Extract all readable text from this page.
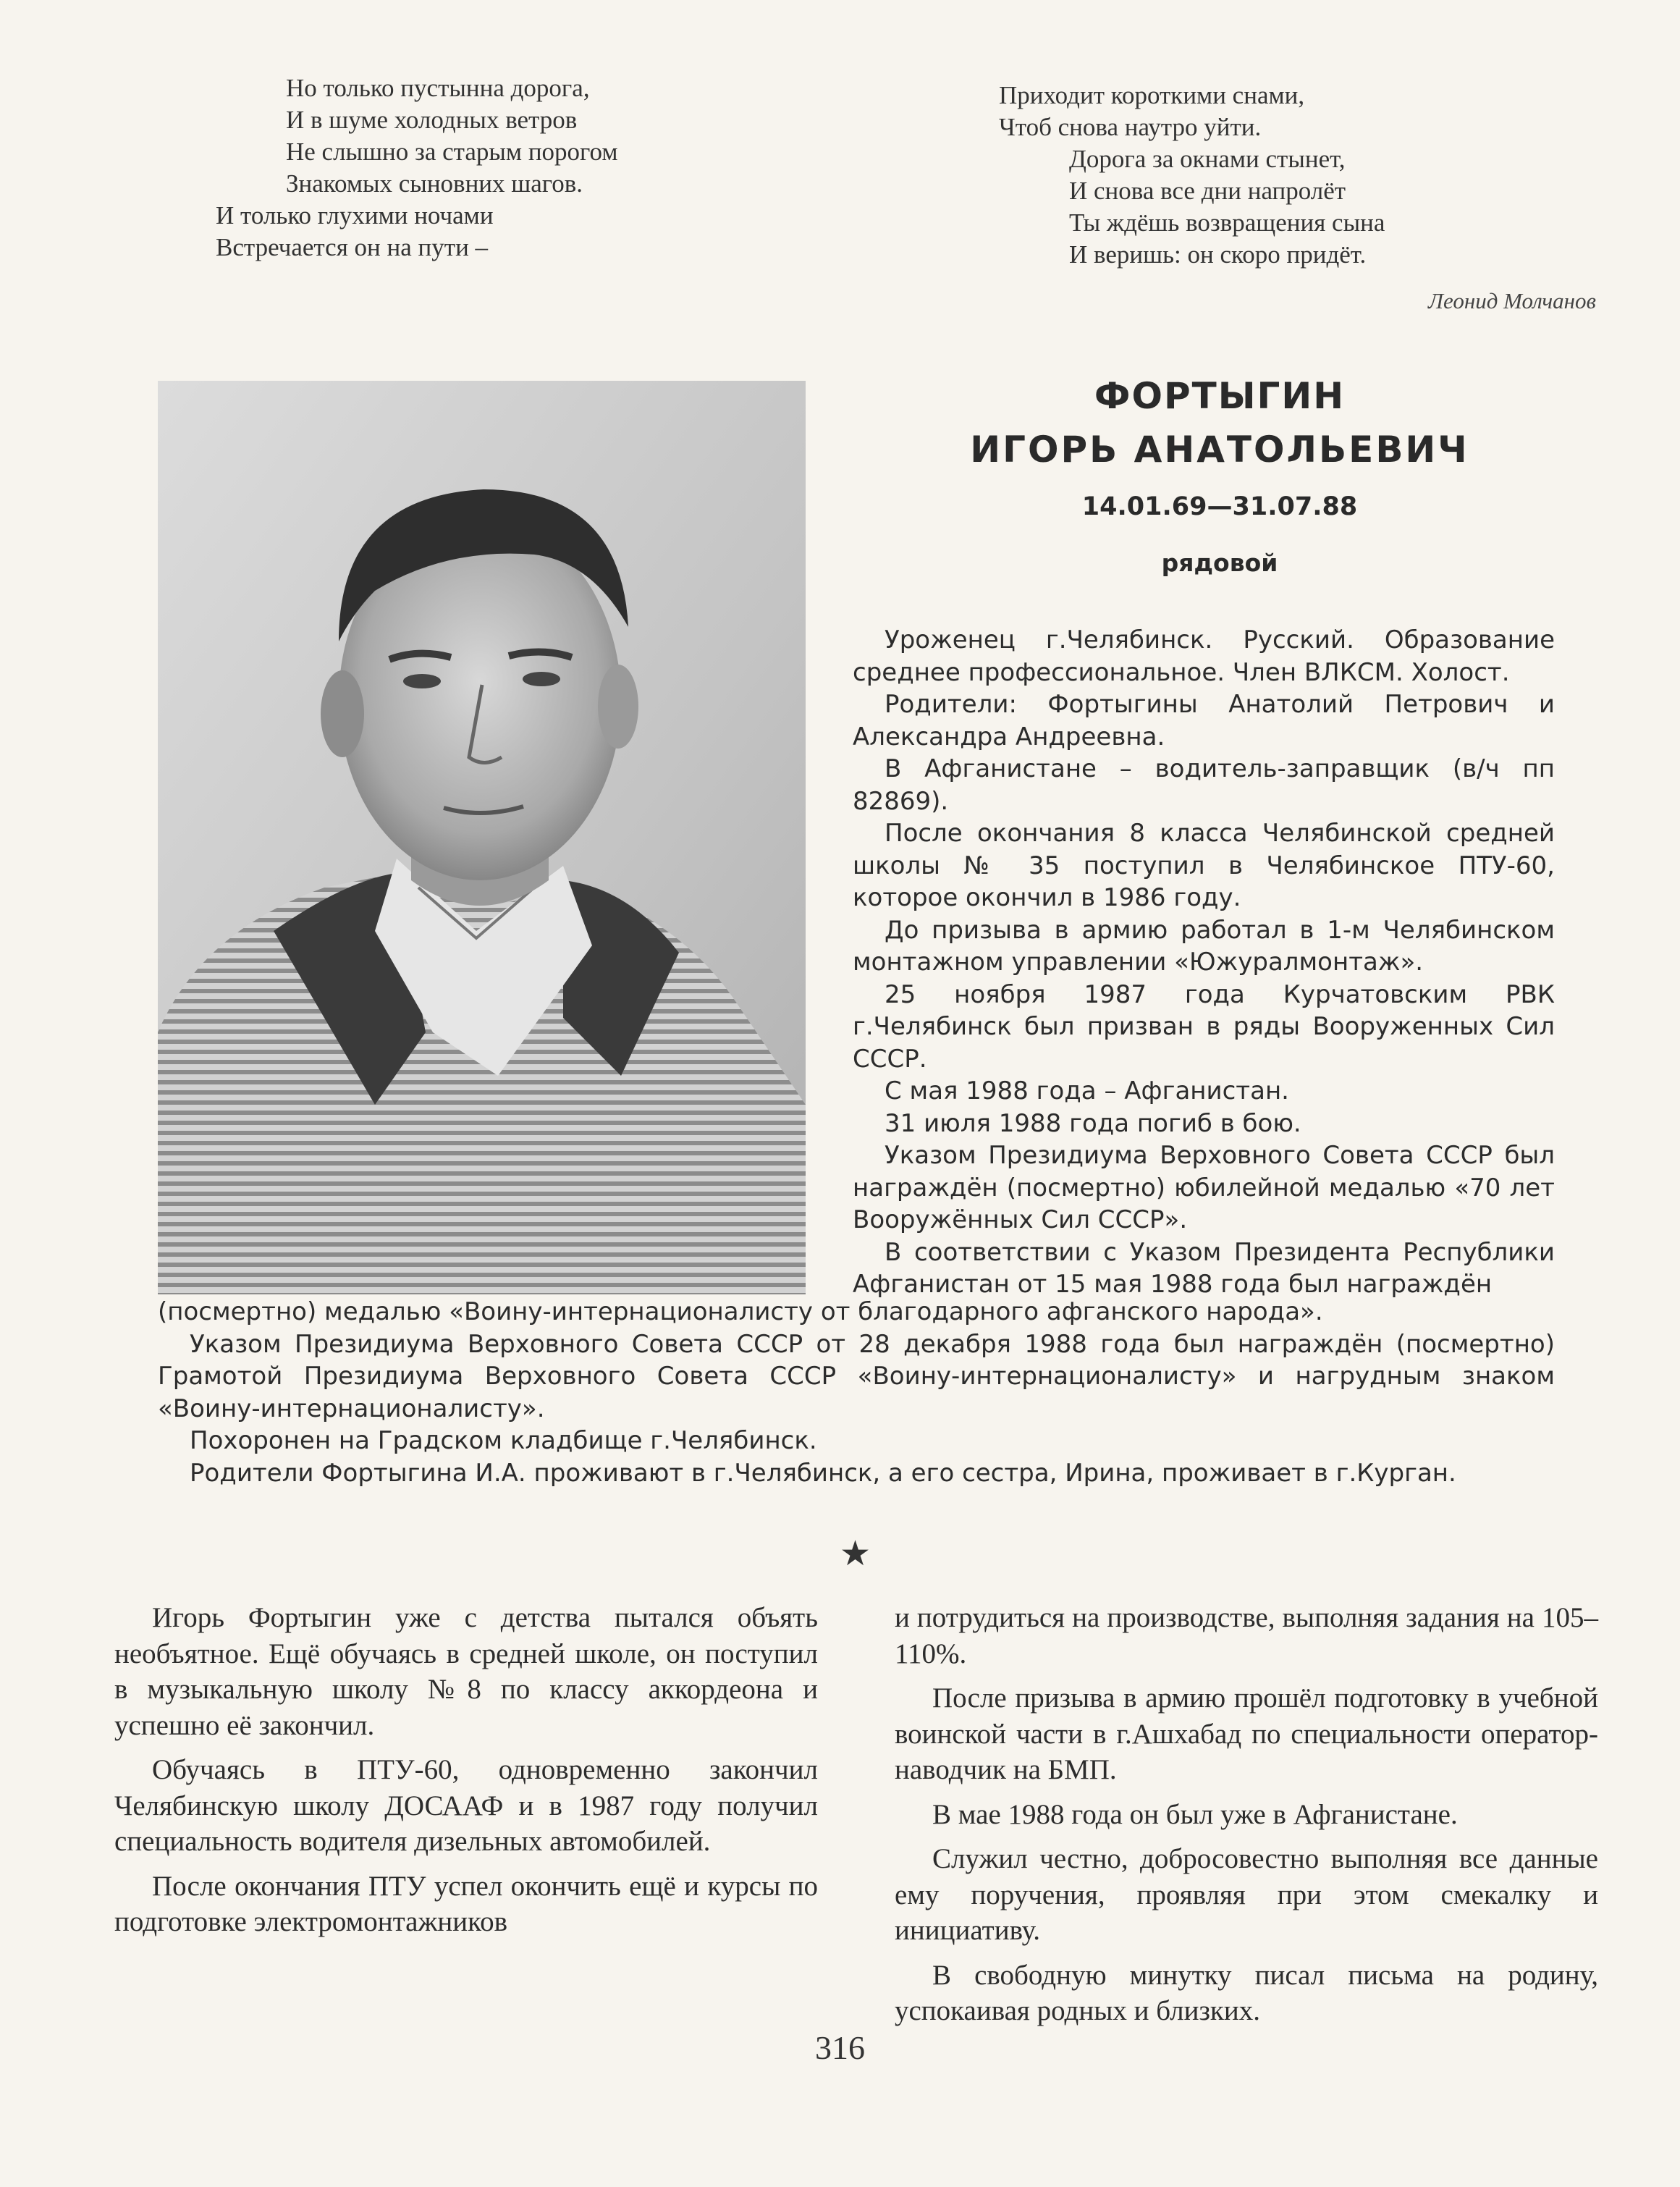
Но только пустынна дорога,
И в шуме холодных ветров
Не слышно за старым порогом
Знакомых сыновних шагов.
И только глухими ночами
Встречается он на пути –
Приходит короткими снами,
Чтоб снова наутро уйти.
Дорога за окнами стынет,
И снова все дни напролёт
Ты ждёшь возвращения сына
И веришь: он скоро придёт.
Леонид Молчанов
ФОРТЫГИН
ИГОРЬ АНАТОЛЬЕВИЧ
14.01.69—31.07.88
рядовой

Уроженец г.Челябинск. Русский. Образование среднее профессиональное. Член ВЛКСМ. Холост.

Родители: Фортыгины Анатолий Петрович и Александра Андреевна.

В Афганистане – водитель-заправщик (в/ч пп 82869).

После окончания 8 класса Челябинской средней школы № 35 поступил в Челябинское ПТУ-60, которое окончил в 1986 году.

До призыва в армию работал в 1-м Челябинском монтажном управлении «Южуралмонтаж».

25 ноября 1987 года Курчатовским РВК г.Челябинск был призван в ряды Вооруженных Сил СССР.

С мая 1988 года – Афганистан.

31 июля 1988 года погиб в бою.

Указом Президиума Верховного Совета СССР был награждён (посмертно) юбилейной медалью «70 лет Вооружённых Сил СССР».

В соответствии с Указом Президента Республики Афганистан от 15 мая 1988 года был награждён

(посмертно) медалью «Воину-интернационалисту от благодарного афганского народа».

Указом Президиума Верховного Совета СССР от 28 декабря 1988 года был награждён (посмертно) Грамотой Президиума Верховного Совета СССР «Воину-интернационалисту» и нагрудным знаком «Воину-интернационалисту».

Похоронен на Градском кладбище г.Челябинск.

Родители Фортыгина И.А. проживают в г.Челябинск, а его сестра, Ирина, проживает в г.Курган.

★

Игорь Фортыгин уже с детства пытался объять необъятное. Ещё обучаясь в средней школе, он поступил в музыкальную школу №8 по классу аккордеона и успешно её закончил.

Обучаясь в ПТУ-60, одновременно закончил Челябинскую школу ДОСААФ и в 1987 году получил специальность водителя дизельных автомобилей.

После окончания ПТУ успел окончить ещё и курсы по подготовке электромонтажников

и потрудиться на производстве, выполняя задания на 105–110%.

После призыва в армию прошёл подготовку в учебной воинской части в г.Ашхабад по специальности оператор-наводчик на БМП.

В мае 1988 года он был уже в Афганистане.

Служил честно, добросовестно выполняя все данные ему поручения, проявляя при этом смекалку и инициативу.

В свободную минутку писал письма на родину, успокаивая родных и близких.

316
